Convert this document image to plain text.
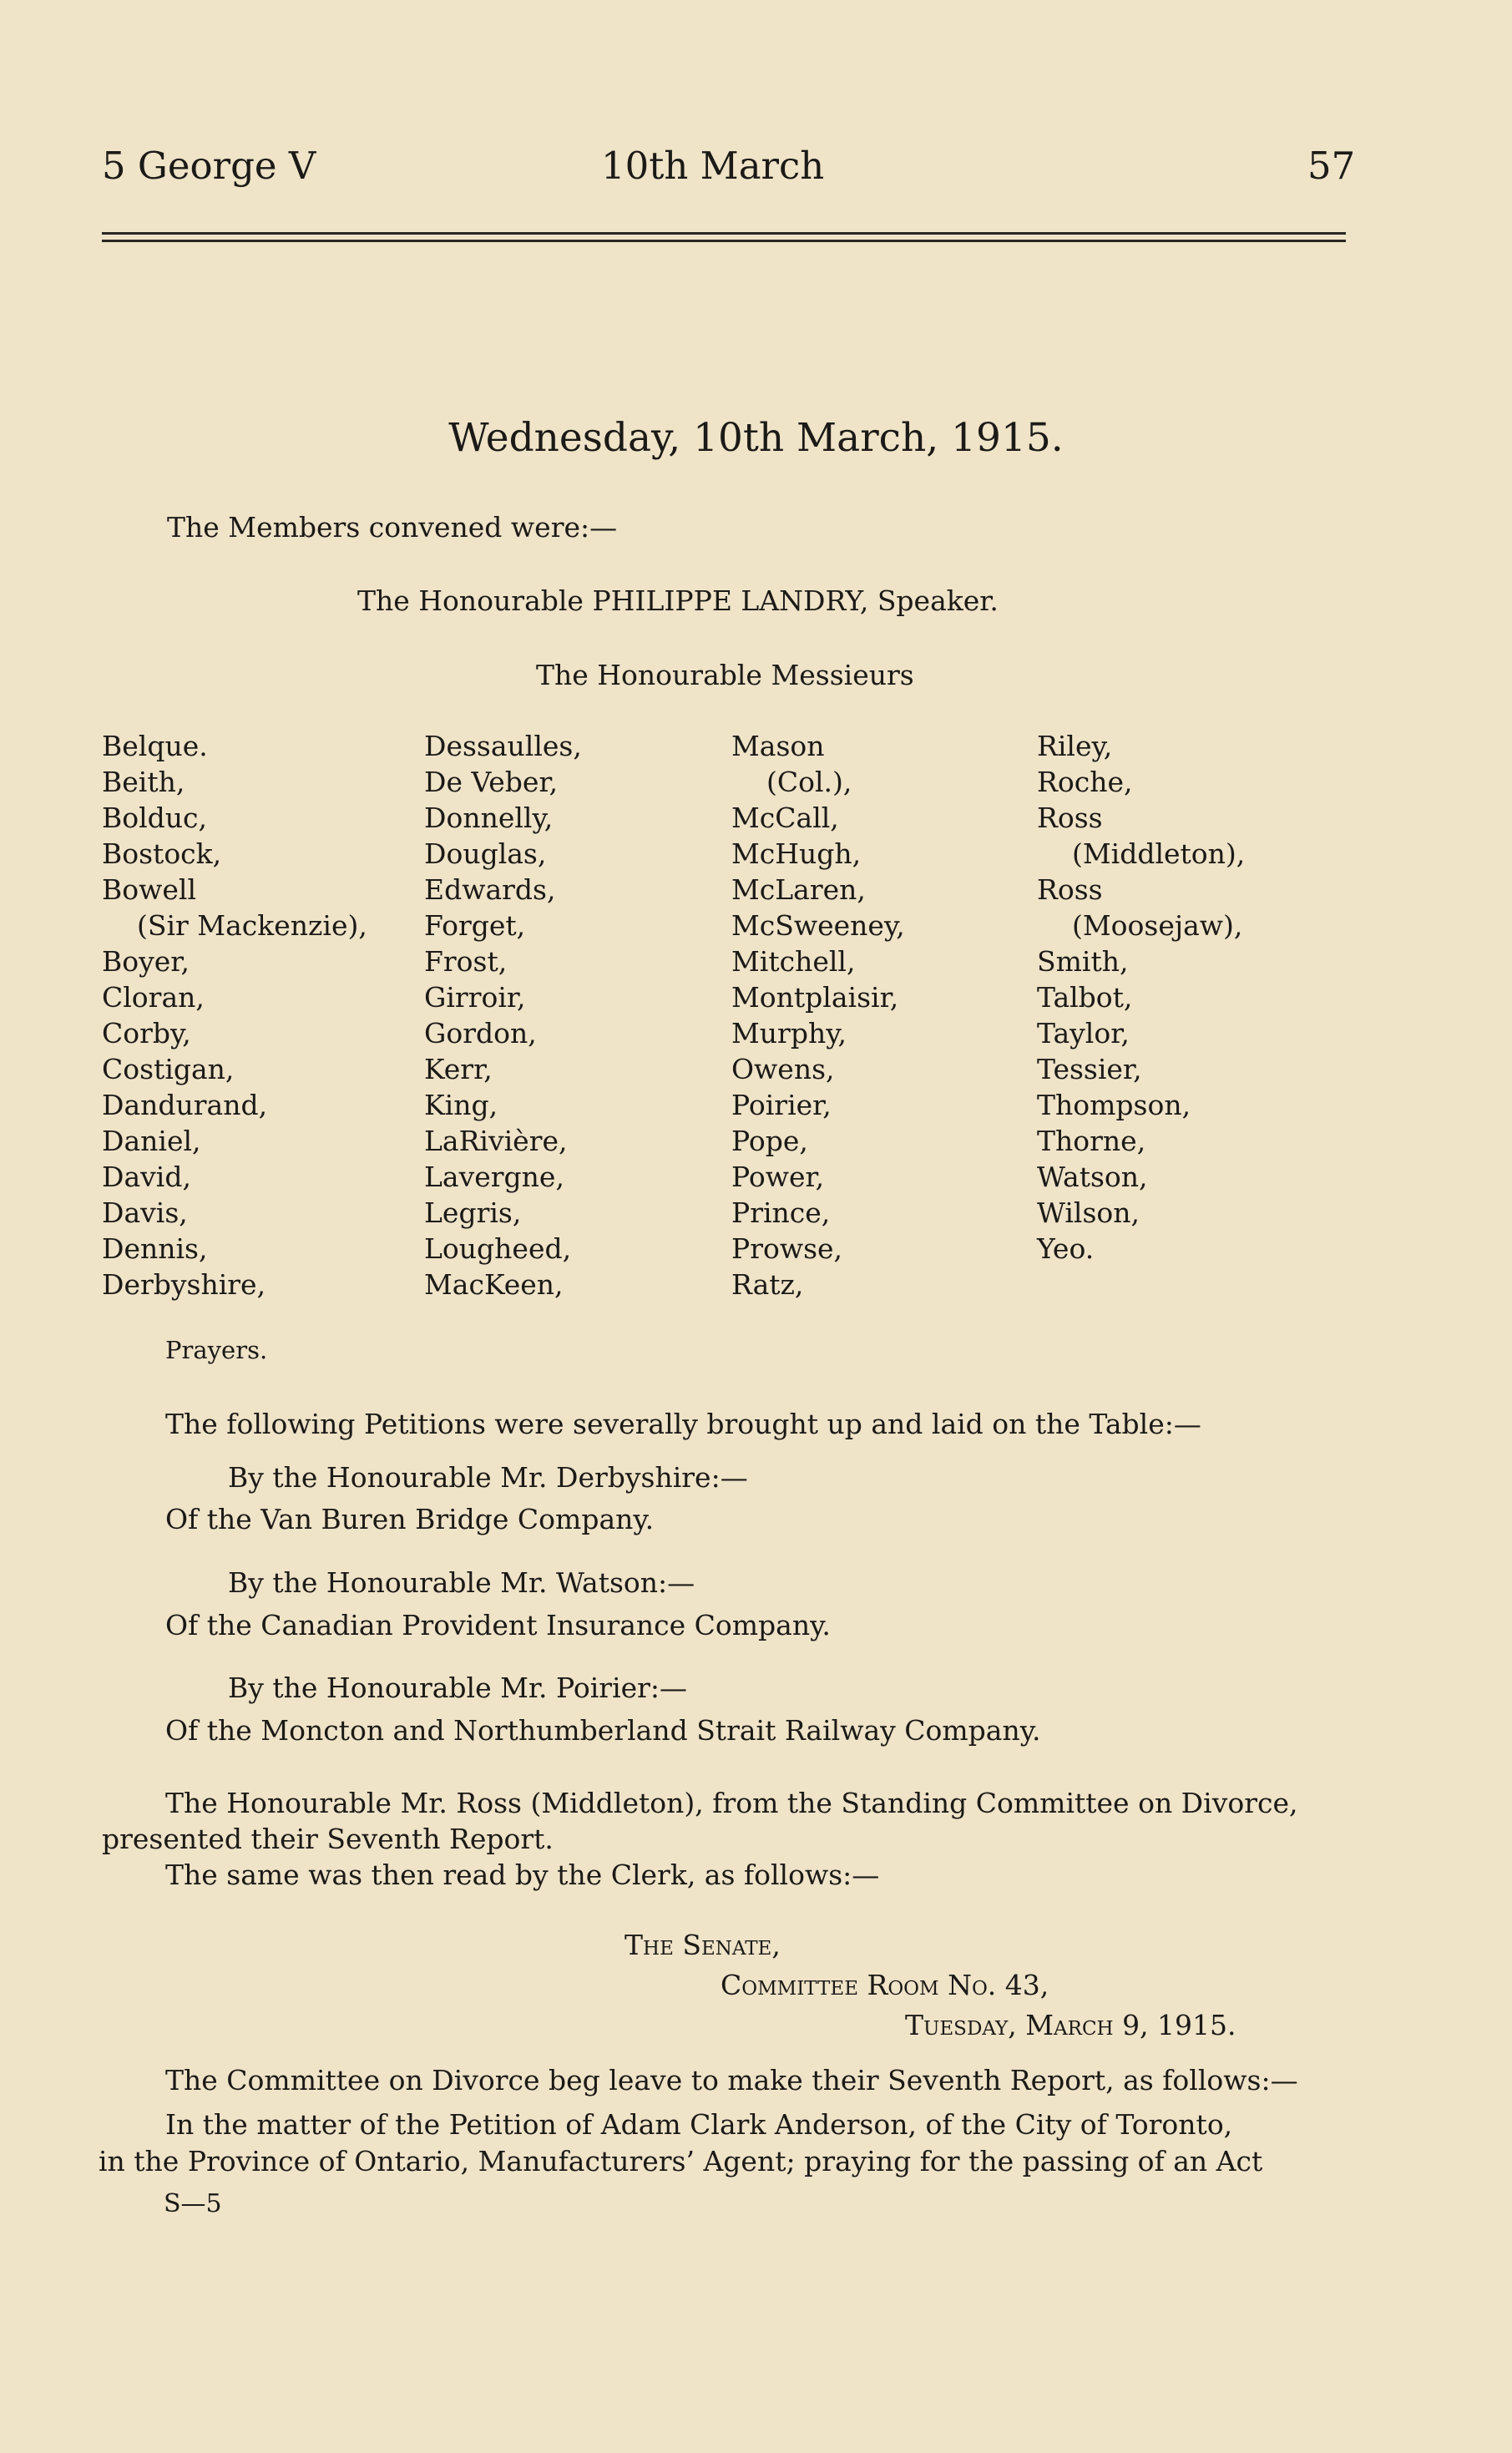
5 George V	10th March	57
Wednesday, 10th March, 1915.
The Members convened were:—
The Honourable PHILIPPE LANDRY, Speaker.
The Honourable Messieurs
Belque.
Beith,
Bolduc,
Bostock,
Bowell
(Sir Mackenzie),
Boyer,
Cloran,
Corby,
Costigan,
Dandurand,
Daniel,
David,
Davis,
Dennis,
Derbyshire,
Dessaulles,
De Veber,
Donnelly,
Douglas,
Edwards,
Forget,
Frost,
Girroir,
Gordon,
Kerr,
King,
LaRivière,
Lavergne,
Legris,
Lougheed,
MacKeen,
Mason
(Col.),
McCall,
McHugh,
McLaren,
McSweeney,
Mitchell,
Montplaisir,
Murphy,
Owens,
Poirier,
Pope,
Power,
Prince,
Prowse,
Ratz,
Riley,
Roche,
Ross
(Middleton),
Ross
(Moosejaw),
Smith,
Talbot,
Taylor,
Tessier,
Thompson,
Thorne,
Watson,
Wilson,
Yeo.
Prayers.
The following Petitions were severally brought up and laid on the Table:—
By the Honourable Mr. Derbyshire:—
Of the Van Buren Bridge Company.
By the Honourable Mr. Watson:—
Of the Canadian Provident Insurance Company.
By the Honourable Mr. Poirier:—
Of the Moncton and Northumberland Strait Railway Company.
The Honourable Mr. Ross (Middleton), from the Standing Committee on Divorce,
presented their Seventh Report.
The same was then read by the Clerk, as follows:—
The Senate,
Committee Room No. 43,
Tuesday, March 9, 1915.
The Committee on Divorce beg leave to make their Seventh Report, as follows:—
In the matter of the Petition of Adam Clark Anderson, of the City of Toronto,
in the Province of Ontario, Manufacturers’ Agent; praying for the passing of an Act
S—5
